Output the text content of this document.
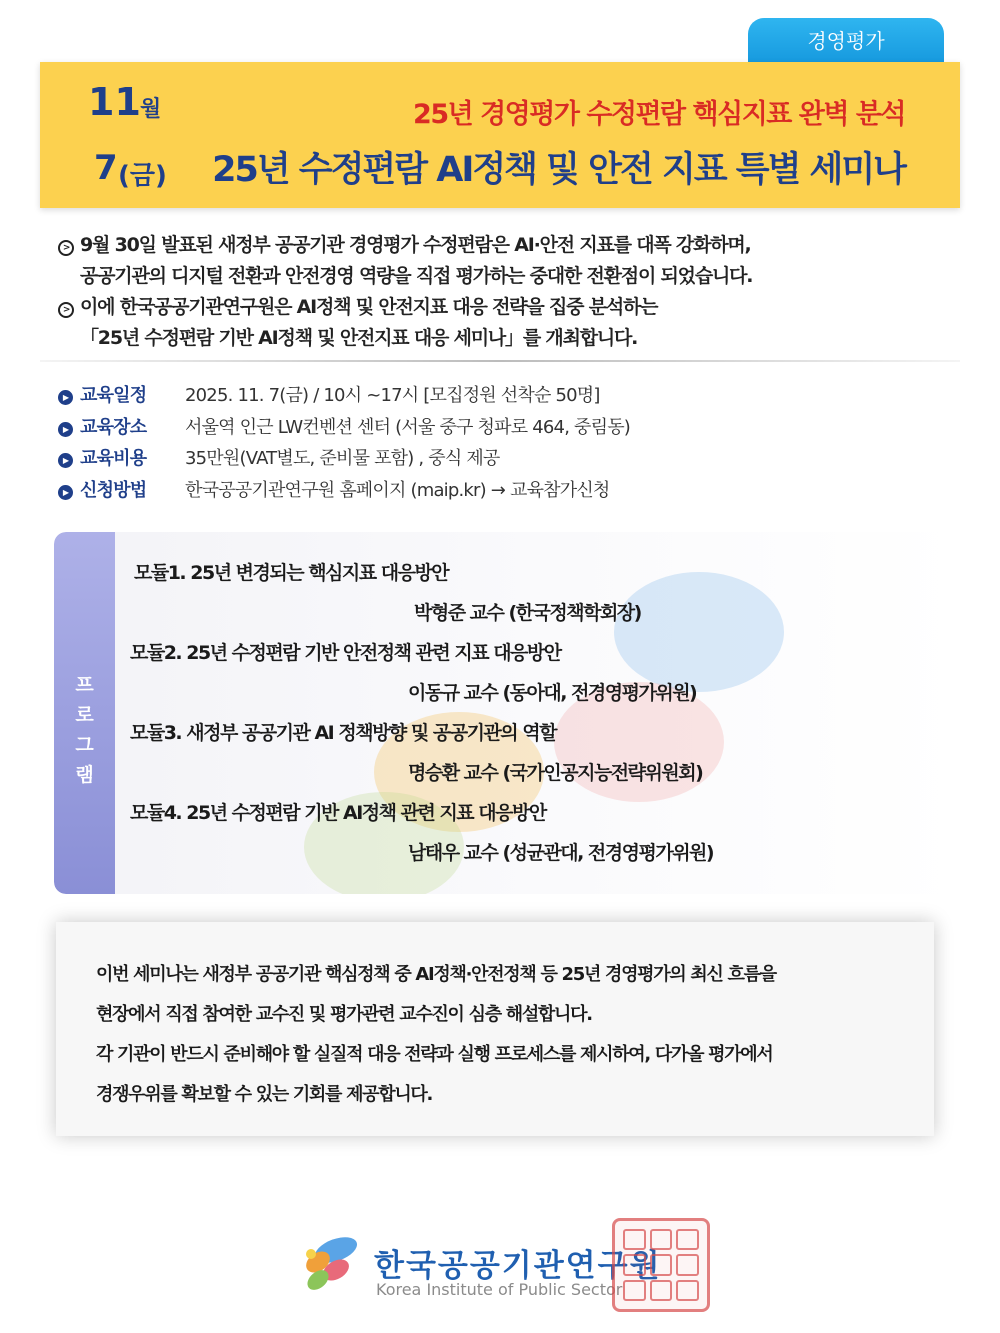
경영평가
11 월
7 (금)
25년 경영평가 수정편람 핵심지표 완벽 분석
25년 수정편람 AI정책 및 안전 지표 특별 세미나
> 9월 30일 발표된 새정부 공공기관 경영평가 수정편람은 AI·안전 지표를 대폭 강화하며,
공공기관의 디지털 전환과 안전경영 역량을 직접 평가하는 중대한 전환점이 되었습니다.
> 이에 한국공공기관연구원은 AI정책 및 안전지표 대응 전략을 집중 분석하는
「25년 수정편람 기반 AI정책 및 안전지표 대응 세미나」를 개최합니다.
▶ 교육일정 2025. 11. 7(금) / 10시 ~17시 [모집정원 선착순 50명]
▶ 교육장소 서울역 인근 LW컨벤션 센터 (서울 중구 청파로 464, 중림동)
▶ 교육비용 35만원(VAT별도, 준비물 포함) , 중식 제공
▶ 신청방법 한국공공기관연구원 홈페이지 (maip.kr) → 교육참가신청
프
로
그
램
모듈1. 25년 변경되는 핵심지표 대응방안
박형준 교수 (한국정책학회장)
모듈2. 25년 수정편람 기반 안전정책 관련 지표 대응방안
이동규 교수 (동아대, 전경영평가위원)
모듈3. 새정부 공공기관 AI 정책방향 및 공공기관의 역할
명승환 교수 (국가인공지능전략위원회)
모듈4. 25년 수정편람 기반 AI정책 관련 지표 대응방안
남태우 교수 (성균관대, 전경영평가위원)
이번 세미나는 새정부 공공기관 핵심정책 중 AI정책·안전정책 등 25년 경영평가의 최신 흐름을
현장에서 직접 참여한 교수진 및 평가관련 교수진이 심층 해설합니다.
각 기관이 반드시 준비해야 할 실질적 대응 전략과 실행 프로세스를 제시하여, 다가올 평가에서
경쟁우위를 확보할 수 있는 기회를 제공합니다.
한국공공기관연구원
Korea Institute of Public Sector
